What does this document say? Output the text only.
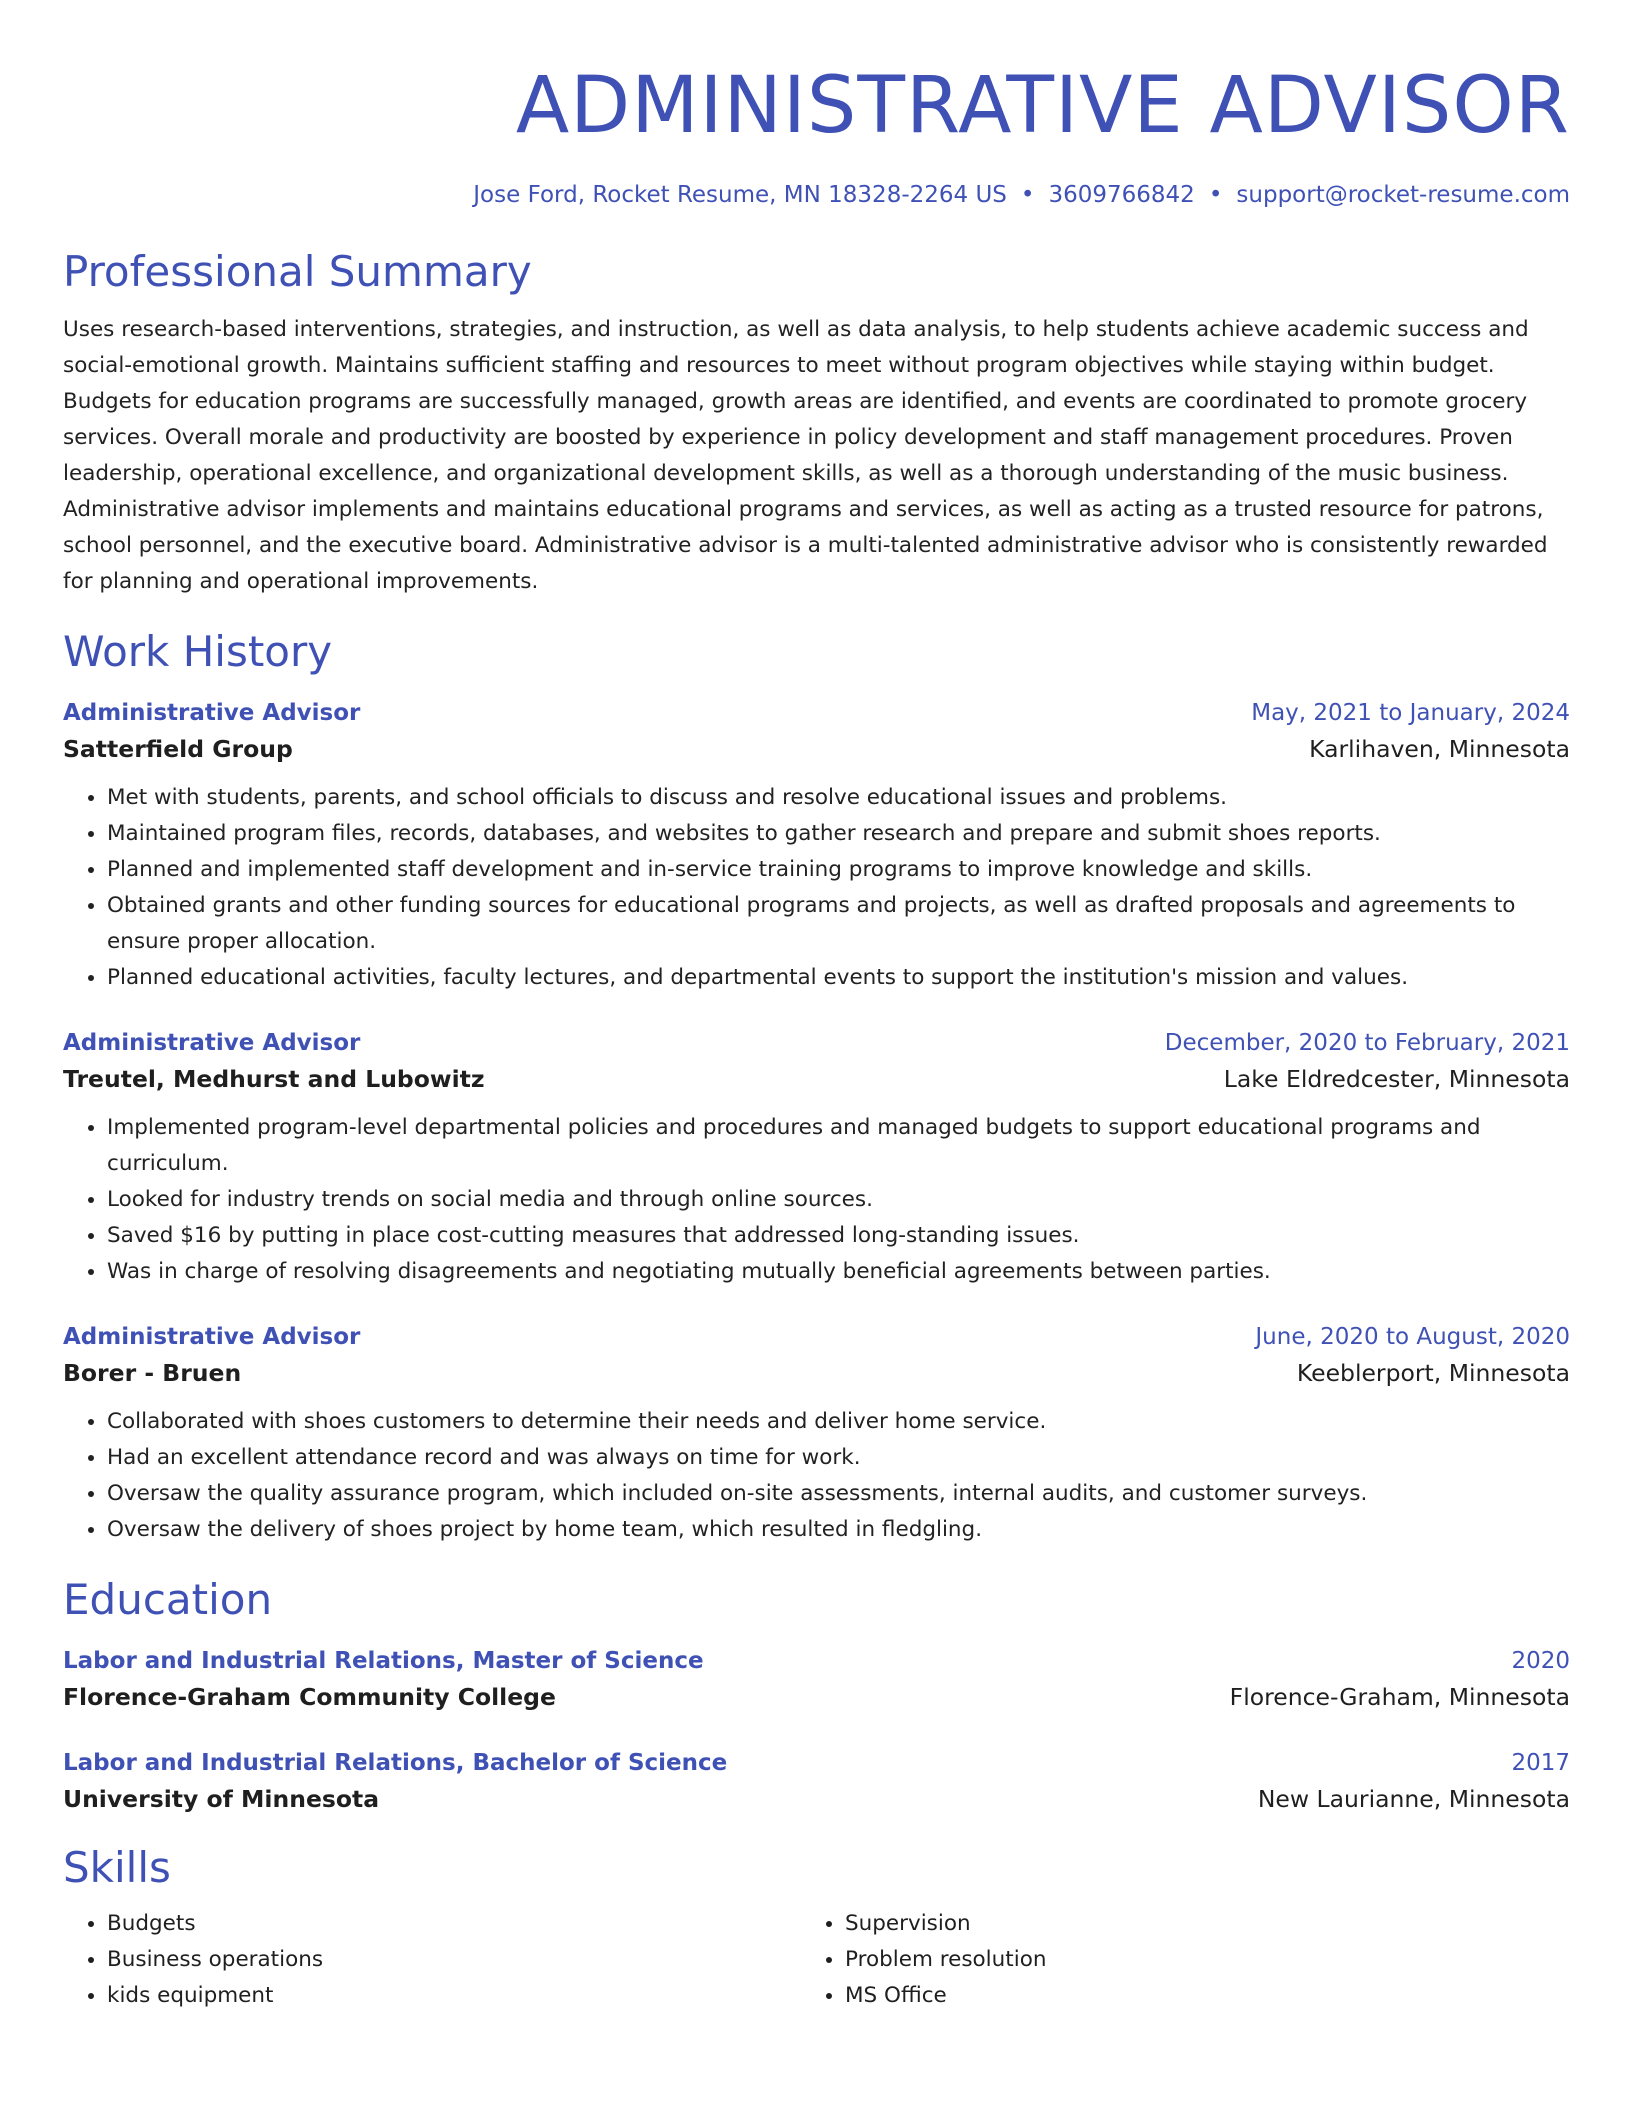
ADMINISTRATIVE ADVISOR
Jose Ford, Rocket Resume, MN 18328-2264 US • 3609766842 • support@rocket-resume.com
Professional Summary
Uses research-based interventions, strategies, and instruction, as well as data analysis, to help students achieve academic success and social-emotional growth. Maintains sufficient staffing and resources to meet without program objectives while staying within budget. Budgets for education programs are successfully managed, growth areas are identified, and events are coordinated to promote grocery services. Overall morale and productivity are boosted by experience in policy development and staff management procedures. Proven leadership, operational excellence, and organizational development skills, as well as a thorough understanding of the music business. Administrative advisor implements and maintains educational programs and services, as well as acting as a trusted resource for patrons, school personnel, and the executive board. Administrative advisor is a multi-talented administrative advisor who is consistently rewarded for planning and operational improvements.
Work History
Administrative Advisor	May, 2021 to January, 2024
Satterfield Group	Karlihaven, Minnesota
• Met with students, parents, and school officials to discuss and resolve educational issues and problems.
• Maintained program files, records, databases, and websites to gather research and prepare and submit shoes reports.
• Planned and implemented staff development and in-service training programs to improve knowledge and skills.
• Obtained grants and other funding sources for educational programs and projects, as well as drafted proposals and agreements to ensure proper allocation.
• Planned educational activities, faculty lectures, and departmental events to support the institution's mission and values.
Administrative Advisor	December, 2020 to February, 2021
Treutel, Medhurst and Lubowitz	Lake Eldredcester, Minnesota
• Implemented program-level departmental policies and procedures and managed budgets to support educational programs and curriculum.
• Looked for industry trends on social media and through online sources.
• Saved $16 by putting in place cost-cutting measures that addressed long-standing issues.
• Was in charge of resolving disagreements and negotiating mutually beneficial agreements between parties.
Administrative Advisor	June, 2020 to August, 2020
Borer - Bruen	Keeblerport, Minnesota
• Collaborated with shoes customers to determine their needs and deliver home service.
• Had an excellent attendance record and was always on time for work.
• Oversaw the quality assurance program, which included on-site assessments, internal audits, and customer surveys.
• Oversaw the delivery of shoes project by home team, which resulted in fledgling.
Education
Labor and Industrial Relations, Master of Science	2020
Florence-Graham Community College	Florence-Graham, Minnesota
Labor and Industrial Relations, Bachelor of Science	2017
University of Minnesota	New Laurianne, Minnesota
Skills
• Budgets
• Business operations
• kids equipment
• Supervision
• Problem resolution
• MS Office
